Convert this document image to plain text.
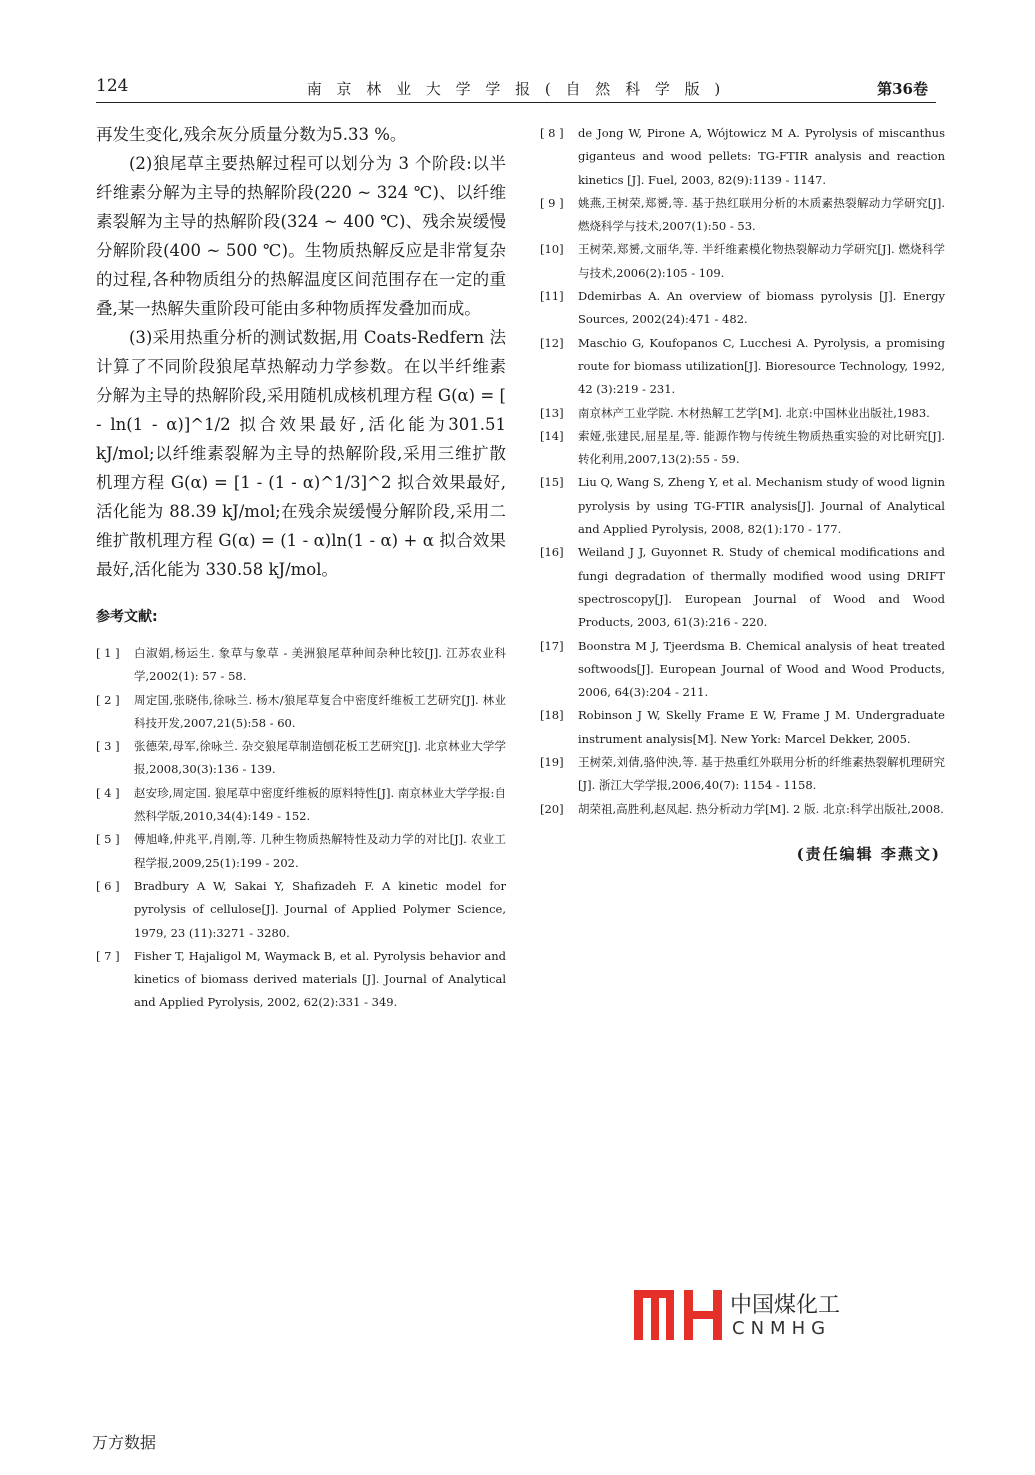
124	南 京 林 业 大 学 学 报 ( 自 然 科 学 版 )	第36卷

再发生变化,残余灰分质量分数为5.33 %。

(2)狼尾草主要热解过程可以划分为 3 个阶段:以半纤维素分解为主导的热解阶段(220 ~ 324 ℃)、以纤维素裂解为主导的热解阶段(324 ~ 400 ℃)、残余炭缓慢分解阶段(400 ~ 500 ℃)。生物质热解反应是非常复杂的过程,各种物质组分的热解温度区间范围存在一定的重叠,某一热解失重阶段可能由多种物质挥发叠加而成。

(3)采用热重分析的测试数据,用 Coats-Redfern 法计算了不同阶段狼尾草热解动力学参数。在以半纤维素分解为主导的热解阶段,采用随机成核机理方程 G(α) = [ - ln(1 - α)]^1/2 拟合效果最好,活化能为301.51 kJ/mol;以纤维素裂解为主导的热解阶段,采用三维扩散机理方程 G(α) = [1 - (1 - α)^1/3]^2 拟合效果最好,活化能为 88.39 kJ/mol;在残余炭缓慢分解阶段,采用二维扩散机理方程 G(α) = (1 - α)ln(1 - α) + α 拟合效果最好,活化能为 330.58 kJ/mol。

参考文献:

[ 1 ] 白淑娟,杨运生. 象草与象草 - 美洲狼尾草种间杂种比较[J]. 江苏农业科学,2002(1): 57 - 58.

[ 2 ] 周定国,张晓伟,徐咏兰. 杨木/狼尾草复合中密度纤维板工艺研究[J]. 林业科技开发,2007,21(5):58 - 60.

[ 3 ] 张德荣,母军,徐咏兰. 杂交狼尾草制造刨花板工艺研究[J]. 北京林业大学学报,2008,30(3):136 - 139.

[ 4 ] 赵安珍,周定国. 狼尾草中密度纤维板的原料特性[J]. 南京林业大学学报:自然科学版,2010,34(4):149 - 152.

[ 5 ] 傅旭峰,仲兆平,肖刚,等. 几种生物质热解特性及动力学的对比[J]. 农业工程学报,2009,25(1):199 - 202.

[ 6 ] Bradbury A W, Sakai Y, Shafizadeh F. A kinetic model for pyrolysis of cellulose[J]. Journal of Applied Polymer Science, 1979, 23 (11):3271 - 3280.

[ 7 ] Fisher T, Hajaligol M, Waymack B, et al. Pyrolysis behavior and kinetics of biomass derived materials [J]. Journal of Analytical and Applied Pyrolysis, 2002, 62(2):331 - 349.

[ 8 ] de Jong W, Pirone A, Wójtowicz M A. Pyrolysis of miscanthus giganteus and wood pellets: TG-FTIR analysis and reaction kinetics [J]. Fuel, 2003, 82(9):1139 - 1147.

[ 9 ] 姚燕,王树荣,郑赟,等. 基于热红联用分析的木质素热裂解动力学研究[J]. 燃烧科学与技术,2007(1):50 - 53.

[10] 王树荣,郑赟,文丽华,等. 半纤维素模化物热裂解动力学研究[J]. 燃烧科学与技术,2006(2):105 - 109.

[11] Ddemirbas A. An overview of biomass pyrolysis [J]. Energy Sources, 2002(24):471 - 482.

[12] Maschio G, Koufopanos C, Lucchesi A. Pyrolysis, a promising route for biomass utilization[J]. Bioresource Technology, 1992, 42 (3):219 - 231.

[13] 南京林产工业学院. 木材热解工艺学[M]. 北京:中国林业出版社,1983.

[14] 索娅,张建民,屈星星,等. 能源作物与传统生物质热重实验的对比研究[J]. 转化利用,2007,13(2):55 - 59.

[15] Liu Q, Wang S, Zheng Y, et al. Mechanism study of wood lignin pyrolysis by using TG-FTIR analysis[J]. Journal of Analytical and Applied Pyrolysis, 2008, 82(1):170 - 177.

[16] Weiland J J, Guyonnet R. Study of chemical modifications and fungi degradation of thermally modified wood using DRIFT spectroscopy[J]. European Journal of Wood and Wood Products, 2003, 61(3):216 - 220.

[17] Boonstra M J, Tjeerdsma B. Chemical analysis of heat treated softwoods[J]. European Journal of Wood and Wood Products, 2006, 64(3):204 - 211.

[18] Robinson J W, Skelly Frame E W, Frame J M. Undergraduate instrument analysis[M]. New York: Marcel Dekker, 2005.

[19] 王树荣,刘倩,骆仲泱,等. 基于热重红外联用分析的纤维素热裂解机理研究[J]. 浙江大学学报,2006,40(7): 1154 - 1158.

[20] 胡荣祖,高胜利,赵凤起. 热分析动力学[M]. 2 版. 北京:科学出版社,2008.

(责任编辑 李燕文)
中国煤化工
CNMHG
万方数据
